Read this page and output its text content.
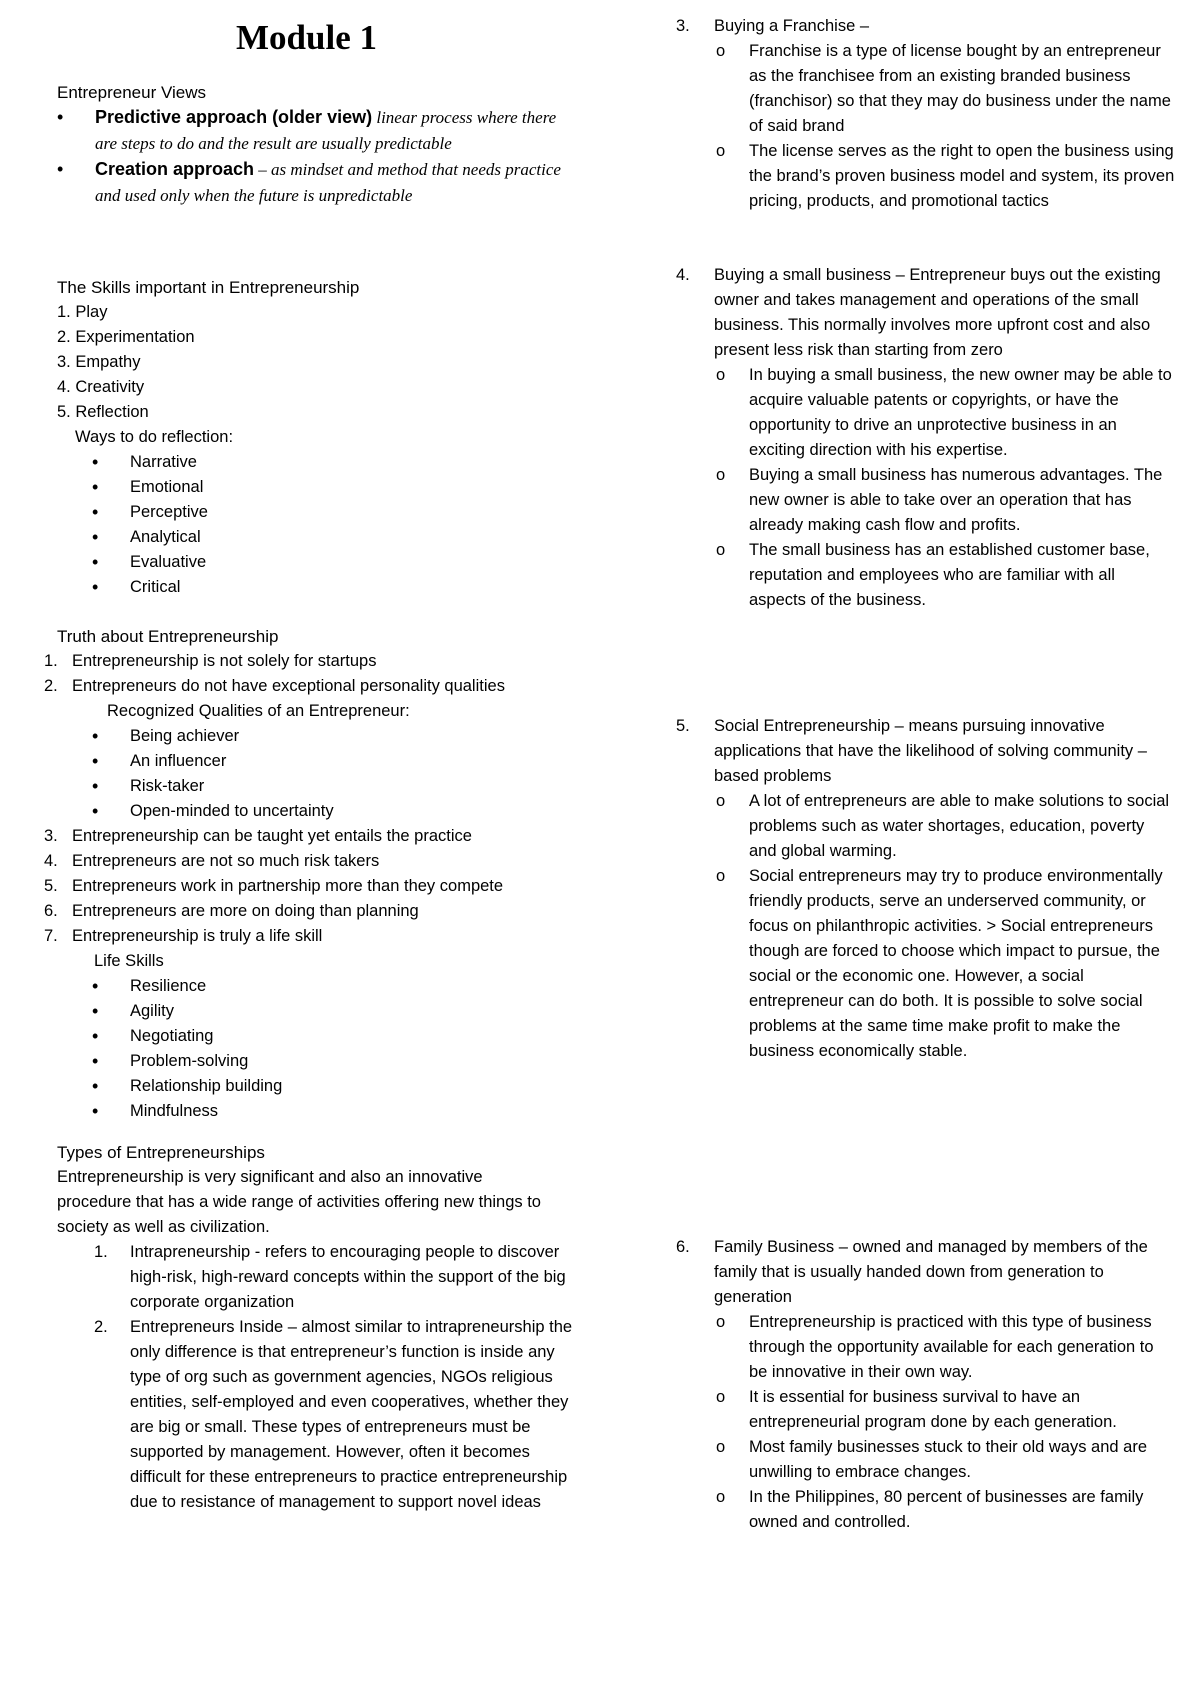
Module 1

Entrepreneur Views

• Predictive approach (older view) linear process where there are steps to do and the result are usually predictable
• Creation approach – as mindset and method that needs practice and used only when the future is unpredictable

The Skills important in Entrepreneurship

1. Play

2. Experimentation

3. Empathy

4. Creativity

5. Reflection

Ways to do reflection:

• Narrative

• Emotional

• Perceptive

• Analytical

• Evaluative

• Critical

Truth about Entrepreneurship

1. Entrepreneurship is not solely for startups
2. Entrepreneurs do not have exceptional personality qualities

Recognized Qualities of an Entrepreneur:

• Being achiever

• An influencer

• Risk-taker

• Open-minded to uncertainty

3. Entrepreneurship can be taught yet entails the practice
4. Entrepreneurs are not so much risk takers
5. Entrepreneurs work in partnership more than they compete
6. Entrepreneurs are more on doing than planning
7. Entrepreneurship is truly a life skill

Life Skills

• Resilience

• Agility

• Negotiating

• Problem-solving

• Relationship building

• Mindfulness

Types of Entrepreneurships

Entrepreneurship is very significant and also an innovative procedure that has a wide range of activities offering new things to society as well as civilization.

1. Intrapreneurship - refers to encouraging people to discover high-risk, high-reward concepts within the support of the big corporate organization
2. Entrepreneurs Inside – almost similar to intrapreneurship the only difference is that entrepreneur’s function is inside any type of org such as government agencies, NGOs religious entities, self-employed and even cooperatives, whether they are big or small. These types of entrepreneurs must be supported by management. However, often it becomes difficult for these entrepreneurs to practice entrepreneurship due to resistance of management to support novel ideas
3. Buying a Franchise –

o Franchise is a type of license bought by an entrepreneur as the franchisee from an existing branded business (franchisor) so that they may do business under the name of said brand

o The license serves as the right to open the business using the brand’s proven business model and system, its proven pricing, products, and promotional tactics

4. Buying a small business – Entrepreneur buys out the existing owner and takes management and operations of the small business. This normally involves more upfront cost and also present less risk than starting from zero

o In buying a small business, the new owner may be able to acquire valuable patents or copyrights, or have the opportunity to drive an unprotective business in an exciting direction with his expertise.

o Buying a small business has numerous advantages. The new owner is able to take over an operation that has already making cash flow and profits.

o The small business has an established customer base, reputation and employees who are familiar with all aspects of the business.

5. Social Entrepreneurship – means pursuing innovative applications that have the likelihood of solving community – based problems

o A lot of entrepreneurs are able to make solutions to social problems such as water shortages, education, poverty and global warming.

o Social entrepreneurs may try to produce environmentally friendly products, serve an underserved community, or focus on philanthropic activities. > Social entrepreneurs though are forced to choose which impact to pursue, the social or the economic one. However, a social entrepreneur can do both. It is possible to solve social problems at the same time make profit to make the business economically stable.

6. Family Business – owned and managed by members of the family that is usually handed down from generation to generation

o Entrepreneurship is practiced with this type of business through the opportunity available for each generation to be innovative in their own way.

o It is essential for business survival to have an entrepreneurial program done by each generation.

o Most family businesses stuck to their old ways and are unwilling to embrace changes.

o In the Philippines, 80 percent of businesses are family owned and controlled.
